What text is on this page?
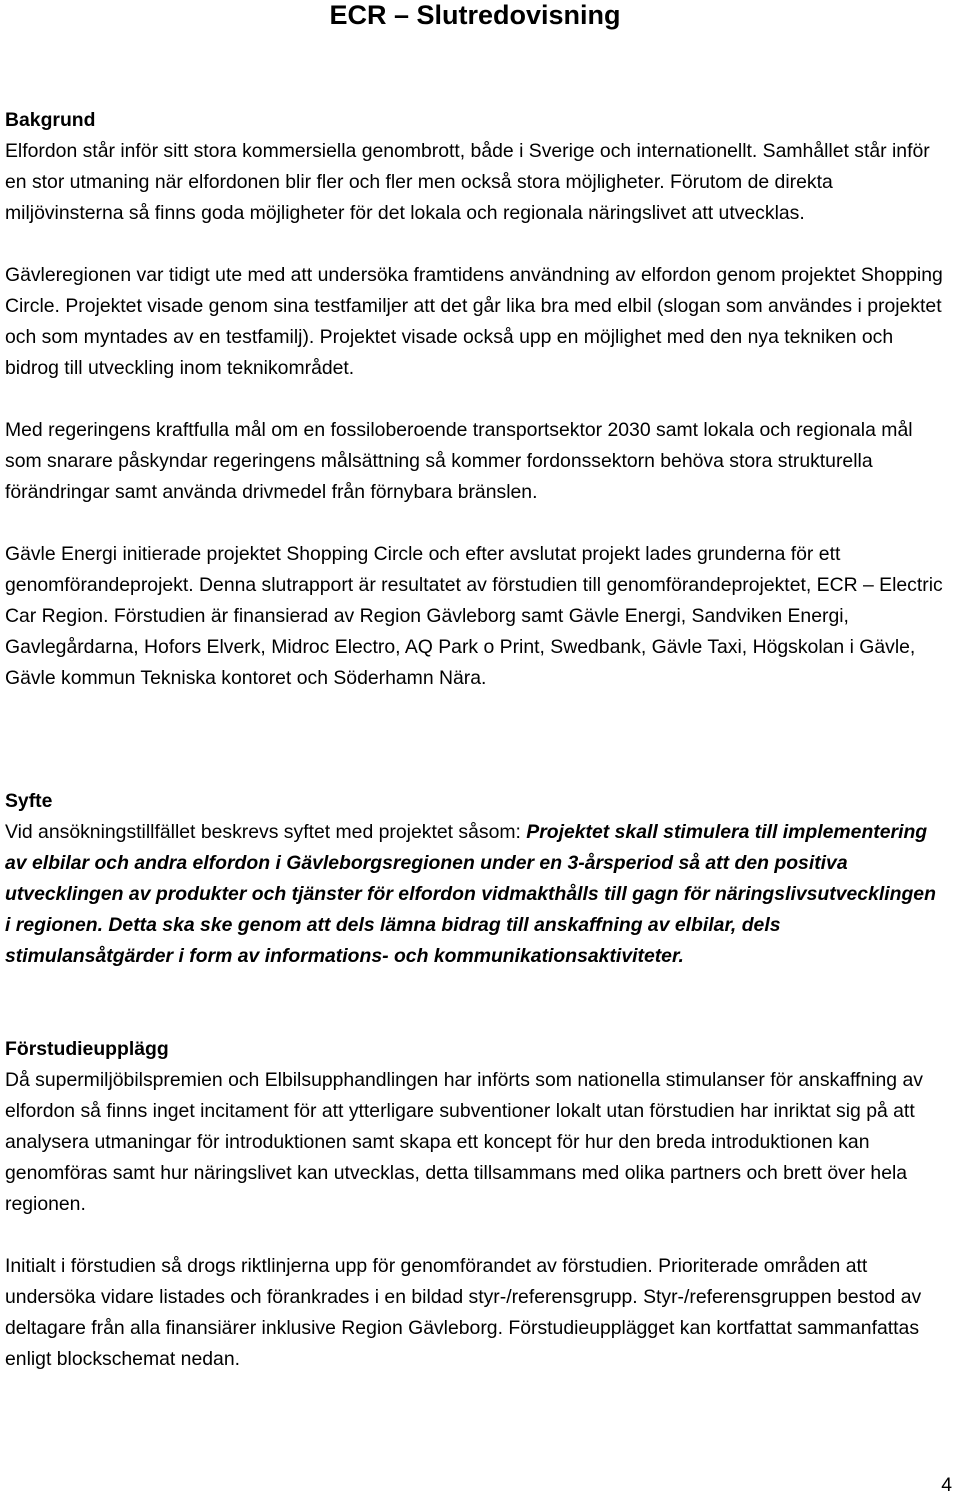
ECR – Slutredovisning
Bakgrund

Elfordon står inför sitt stora kommersiella genombrott, både i Sverige och internationellt. Samhållet står inför en stor utmaning när elfordonen blir fler och fler men också stora möjligheter. Förutom de direkta miljövinsterna så finns goda möjligheter för det lokala och regionala näringslivet att utvecklas.

Gävleregionen var tidigt ute med att undersöka framtidens användning av elfordon genom projektet Shopping Circle. Projektet visade genom sina testfamiljer att det går lika bra med elbil (slogan som användes i projektet och som myntades av en testfamilj). Projektet visade också upp en möjlighet med den nya tekniken och bidrog till utveckling inom teknikområdet.

Med regeringens kraftfulla mål om en fossiloberoende transportsektor 2030 samt lokala och regionala mål som snarare påskyndar regeringens målsättning så kommer fordonssektorn behöva stora strukturella förändringar samt använda drivmedel från förnybara bränslen.

Gävle Energi initierade projektet Shopping Circle och efter avslutat projekt lades grunderna för ett genomförandeprojekt. Denna slutrapport är resultatet av förstudien till genomförandeprojektet, ECR – Electric Car Region. Förstudien är finansierad av Region Gävleborg samt Gävle Energi, Sandviken Energi, Gavlegårdarna, Hofors Elverk, Midroc Electro, AQ Park o Print, Swedbank, Gävle Taxi, Högskolan i Gävle, Gävle kommun Tekniska kontoret och Söderhamn Nära.

Syfte

Vid ansökningstillfället beskrevs syftet med projektet såsom: Projektet skall stimulera till implementering av elbilar och andra elfordon i Gävleborgsregionen under en 3-årsperiod så att den positiva utvecklingen av produkter och tjänster för elfordon vidmakthålls till gagn för näringslivsutvecklingen i regionen. Detta ska ske genom att dels lämna bidrag till anskaffning av elbilar, dels stimulansåtgärder i form av informations- och kommunikationsaktiviteter.

Förstudieupplägg

Då supermiljöbilspremien och Elbilsupphandlingen har införts som nationella stimulanser för anskaffning av elfordon så finns inget incitament för att ytterligare subventioner lokalt utan förstudien har inriktat sig på att analysera utmaningar för introduktionen samt skapa ett koncept för hur den breda introduktionen kan genomföras samt hur näringslivet kan utvecklas, detta tillsammans med olika partners och brett över hela regionen.

Initialt i förstudien så drogs riktlinjerna upp för genomförandet av förstudien. Prioriterade områden att undersöka vidare listades och förankrades i en bildad styr-/referensgrupp. Styr-/referensgruppen bestod av deltagare från alla finansiärer inklusive Region Gävleborg. Förstudieupplägget kan kortfattat sammanfattas enligt blockschemat nedan.

4
